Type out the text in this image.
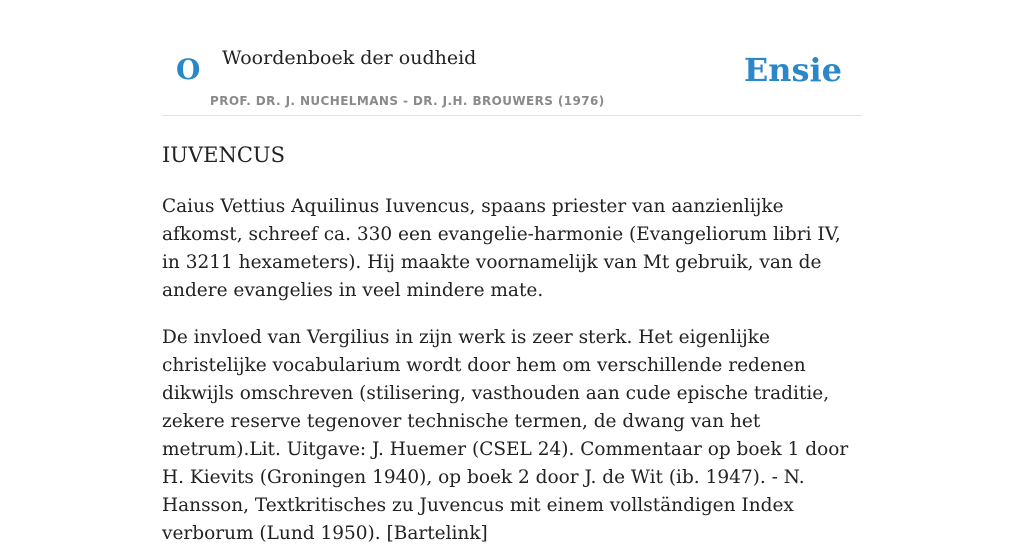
O Woordenboek der oudheid
PROF. DR. J. NUCHELMANS - DR. J.H. BROUWERS (1976)
Ensie
IUVENCUS

Caius Vettius Aquilinus Iuvencus, spaans priester van aanzienlijke afkomst, schreef ca. 330 een evangelie-harmonie (Evangeliorum libri IV, in 3211 hexameters). Hij maakte voornamelijk van Mt gebruik, van de andere evangelies in veel mindere mate.

De invloed van Vergilius in zijn werk is zeer sterk. Het eigenlijke christelijke vocabularium wordt door hem om verschillende redenen dikwijls omschreven (stilisering, vasthouden aan cude epische traditie, zekere reserve tegenover technische termen, de dwang van het metrum).Lit. Uitgave: J. Huemer (CSEL 24). Commentaar op boek 1 door H. Kievits (Groningen 1940), op boek 2 door J. de Wit (ib. 1947). - N. Hansson, Textkritisches zu Juvencus mit einem vollständigen Index verborum (Lund 1950). [Bartelink]
